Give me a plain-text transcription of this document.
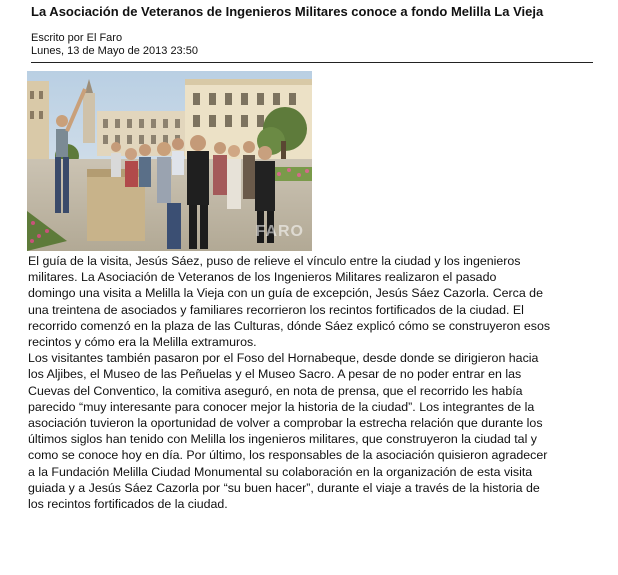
La Asociación de Veteranos de Ingenieros Militares conoce a fondo Melilla La Vieja
Escrito por El Faro
Lunes, 13 de Mayo de 2013 23:50
FARO
El guía de la visita, Jesús Sáez, puso de relieve el vínculo entre la ciudad y los ingenieros
militares. La Asociación de Veteranos de los Ingenieros Militares realizaron el pasado
domingo una visita a Melilla la Vieja con un guía de excepción, Jesús Sáez Cazorla. Cerca de
una treintena de asociados y familiares recorrieron los recintos fortificados de la ciudad. El
recorrido comenzó en la plaza de las Culturas, dónde Sáez explicó cómo se construyeron esos
recintos y cómo era la Melilla extramuros.
Los visitantes también pasaron por el Foso del Hornabeque, desde donde se dirigieron hacia
los Aljibes, el Museo de las Peñuelas y el Museo Sacro. A pesar de no poder entrar en las
Cuevas del Conventico, la comitiva aseguró, en nota de prensa, que el recorrido les había
parecido “muy interesante para conocer mejor la historia de la ciudad”. Los integrantes de la
asociación tuvieron la oportunidad de volver a comprobar la estrecha relación que durante los
últimos siglos han tenido con Melilla los ingenieros militares, que construyeron la ciudad tal y
como se conoce hoy en día. Por último, los responsables de la asociación quisieron agradecer
a la Fundación Melilla Ciudad Monumental su colaboración en la organización de esta visita
guiada y a Jesús Sáez Cazorla por “su buen hacer”, durante el viaje a través de la historia de
los recintos fortificados de la ciudad.
